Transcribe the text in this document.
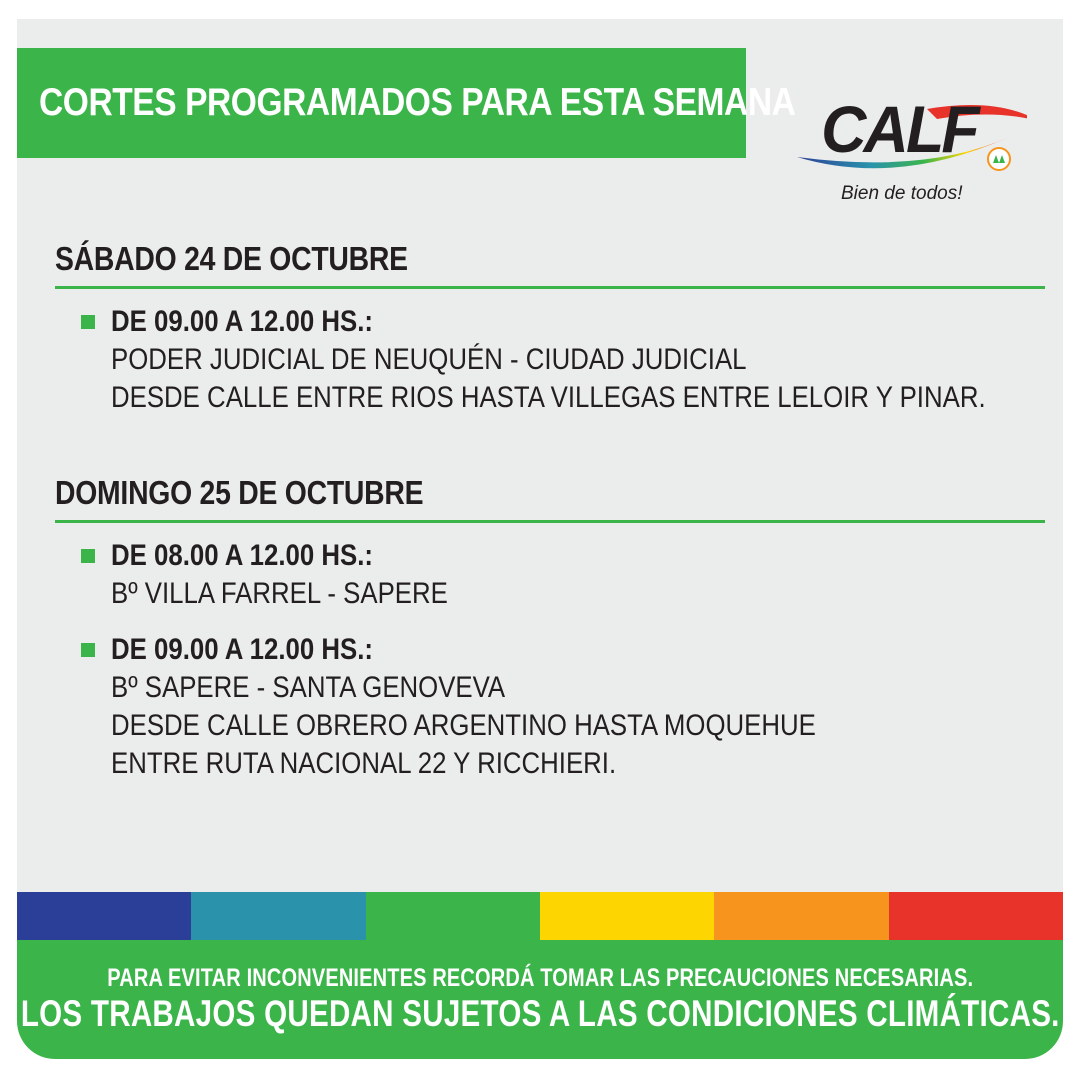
CORTES PROGRAMADOS PARA ESTA SEMANA CALF
Bien de todos!
SÁBADO 24 DE OCTUBRE
DE 09.00 A 12.00 HS.:
PODER JUDICIAL DE NEUQUÉN - CIUDAD JUDICIAL
DESDE CALLE ENTRE RIOS HASTA VILLEGAS ENTRE LELOIR Y PINAR.
DOMINGO 25 DE OCTUBRE
DE 08.00 A 12.00 HS.:
Bº VILLA FARREL - SAPERE
DE 09.00 A 12.00 HS.:
Bº SAPERE - SANTA GENOVEVA
DESDE CALLE OBRERO ARGENTINO HASTA MOQUEHUE
ENTRE RUTA NACIONAL 22 Y RICCHIERI.
PARA EVITAR INCONVENIENTES RECORDÁ TOMAR LAS PRECAUCIONES NECESARIAS.
LOS TRABAJOS QUEDAN SUJETOS A LAS CONDICIONES CLIMÁTICAS.
